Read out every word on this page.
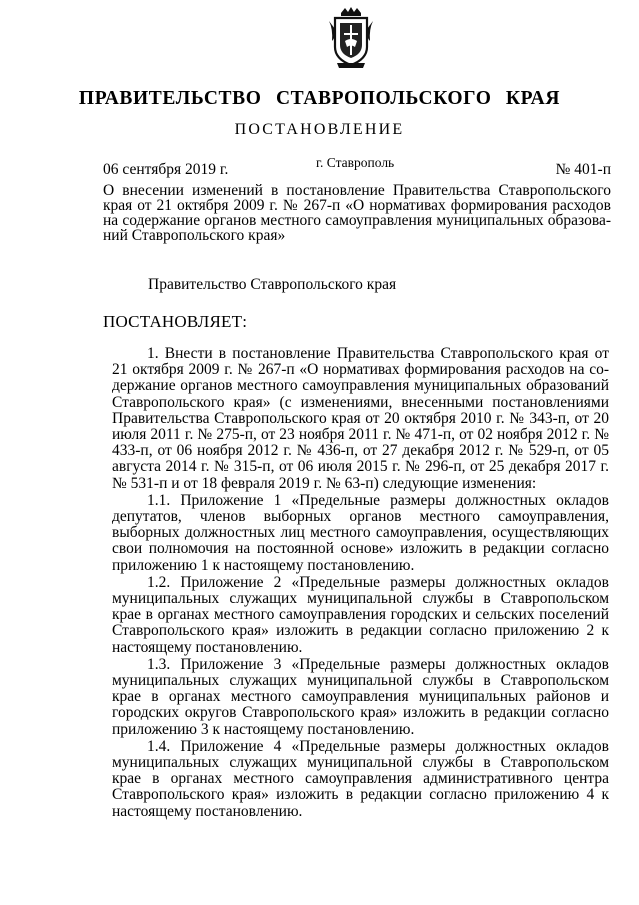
ПРАВИТЕЛЬСТВО СТАВРОПОЛЬСКОГО КРАЯ
ПОСТАНОВЛЕНИЕ
06 сентября 2019 г.	г. Ставрополь	№ 401-п
О внесении изменений в постановление Правительства Ставропольского края от 21 октября 2009 г. № 267-п «О нормативах формирования расходов на содержание органов местного самоуправления муниципальных образований Ставропольского края»
Правительство Ставропольского края
ПОСТАНОВЛЯЕТ:

1. Внести в постановление Правительства Ставропольского края от 21 октября 2009 г. № 267-п «О нормативах формирования расходов на содержание органов местного самоуправления муниципальных образований Ставропольского края» (с изменениями, внесенными постановлениями Правительства Ставропольского края от 20 октября 2010 г. № 343-п, от 20 июля 2011 г. № 275-п, от 23 ноября 2011 г. № 471-п, от 02 ноября 2012 г. № 433-п, от 06 ноября 2012 г. № 436-п, от 27 декабря 2012 г. № 529-п, от 05 августа 2014 г. № 315-п, от 06 июля 2015 г. № 296-п, от 25 декабря 2017 г. № 531-п и от 18 февраля 2019 г. № 63-п) следующие изменения:

1.1. Приложение 1 «Предельные размеры должностных окладов депутатов, членов выборных органов местного самоуправления, выборных должностных лиц местного самоуправления, осуществляющих свои полномочия на постоянной основе» изложить в редакции согласно приложению 1 к настоящему постановлению.

1.2. Приложение 2 «Предельные размеры должностных окладов муниципальных служащих муниципальной службы в Ставропольском крае в органах местного самоуправления городских и сельских поселений Ставропольского края» изложить в редакции согласно приложению 2 к настоящему постановлению.

1.3. Приложение 3 «Предельные размеры должностных окладов муниципальных служащих муниципальной службы в Ставропольском крае в органах местного самоуправления муниципальных районов и городских округов Ставропольского края» изложить в редакции согласно приложению 3 к настоящему постановлению.

1.4. Приложение 4 «Предельные размеры должностных окладов муниципальных служащих муниципальной службы в Ставропольском крае в органах местного самоуправления административного центра Ставропольского края» изложить в редакции согласно приложению 4 к настоящему постановлению.
